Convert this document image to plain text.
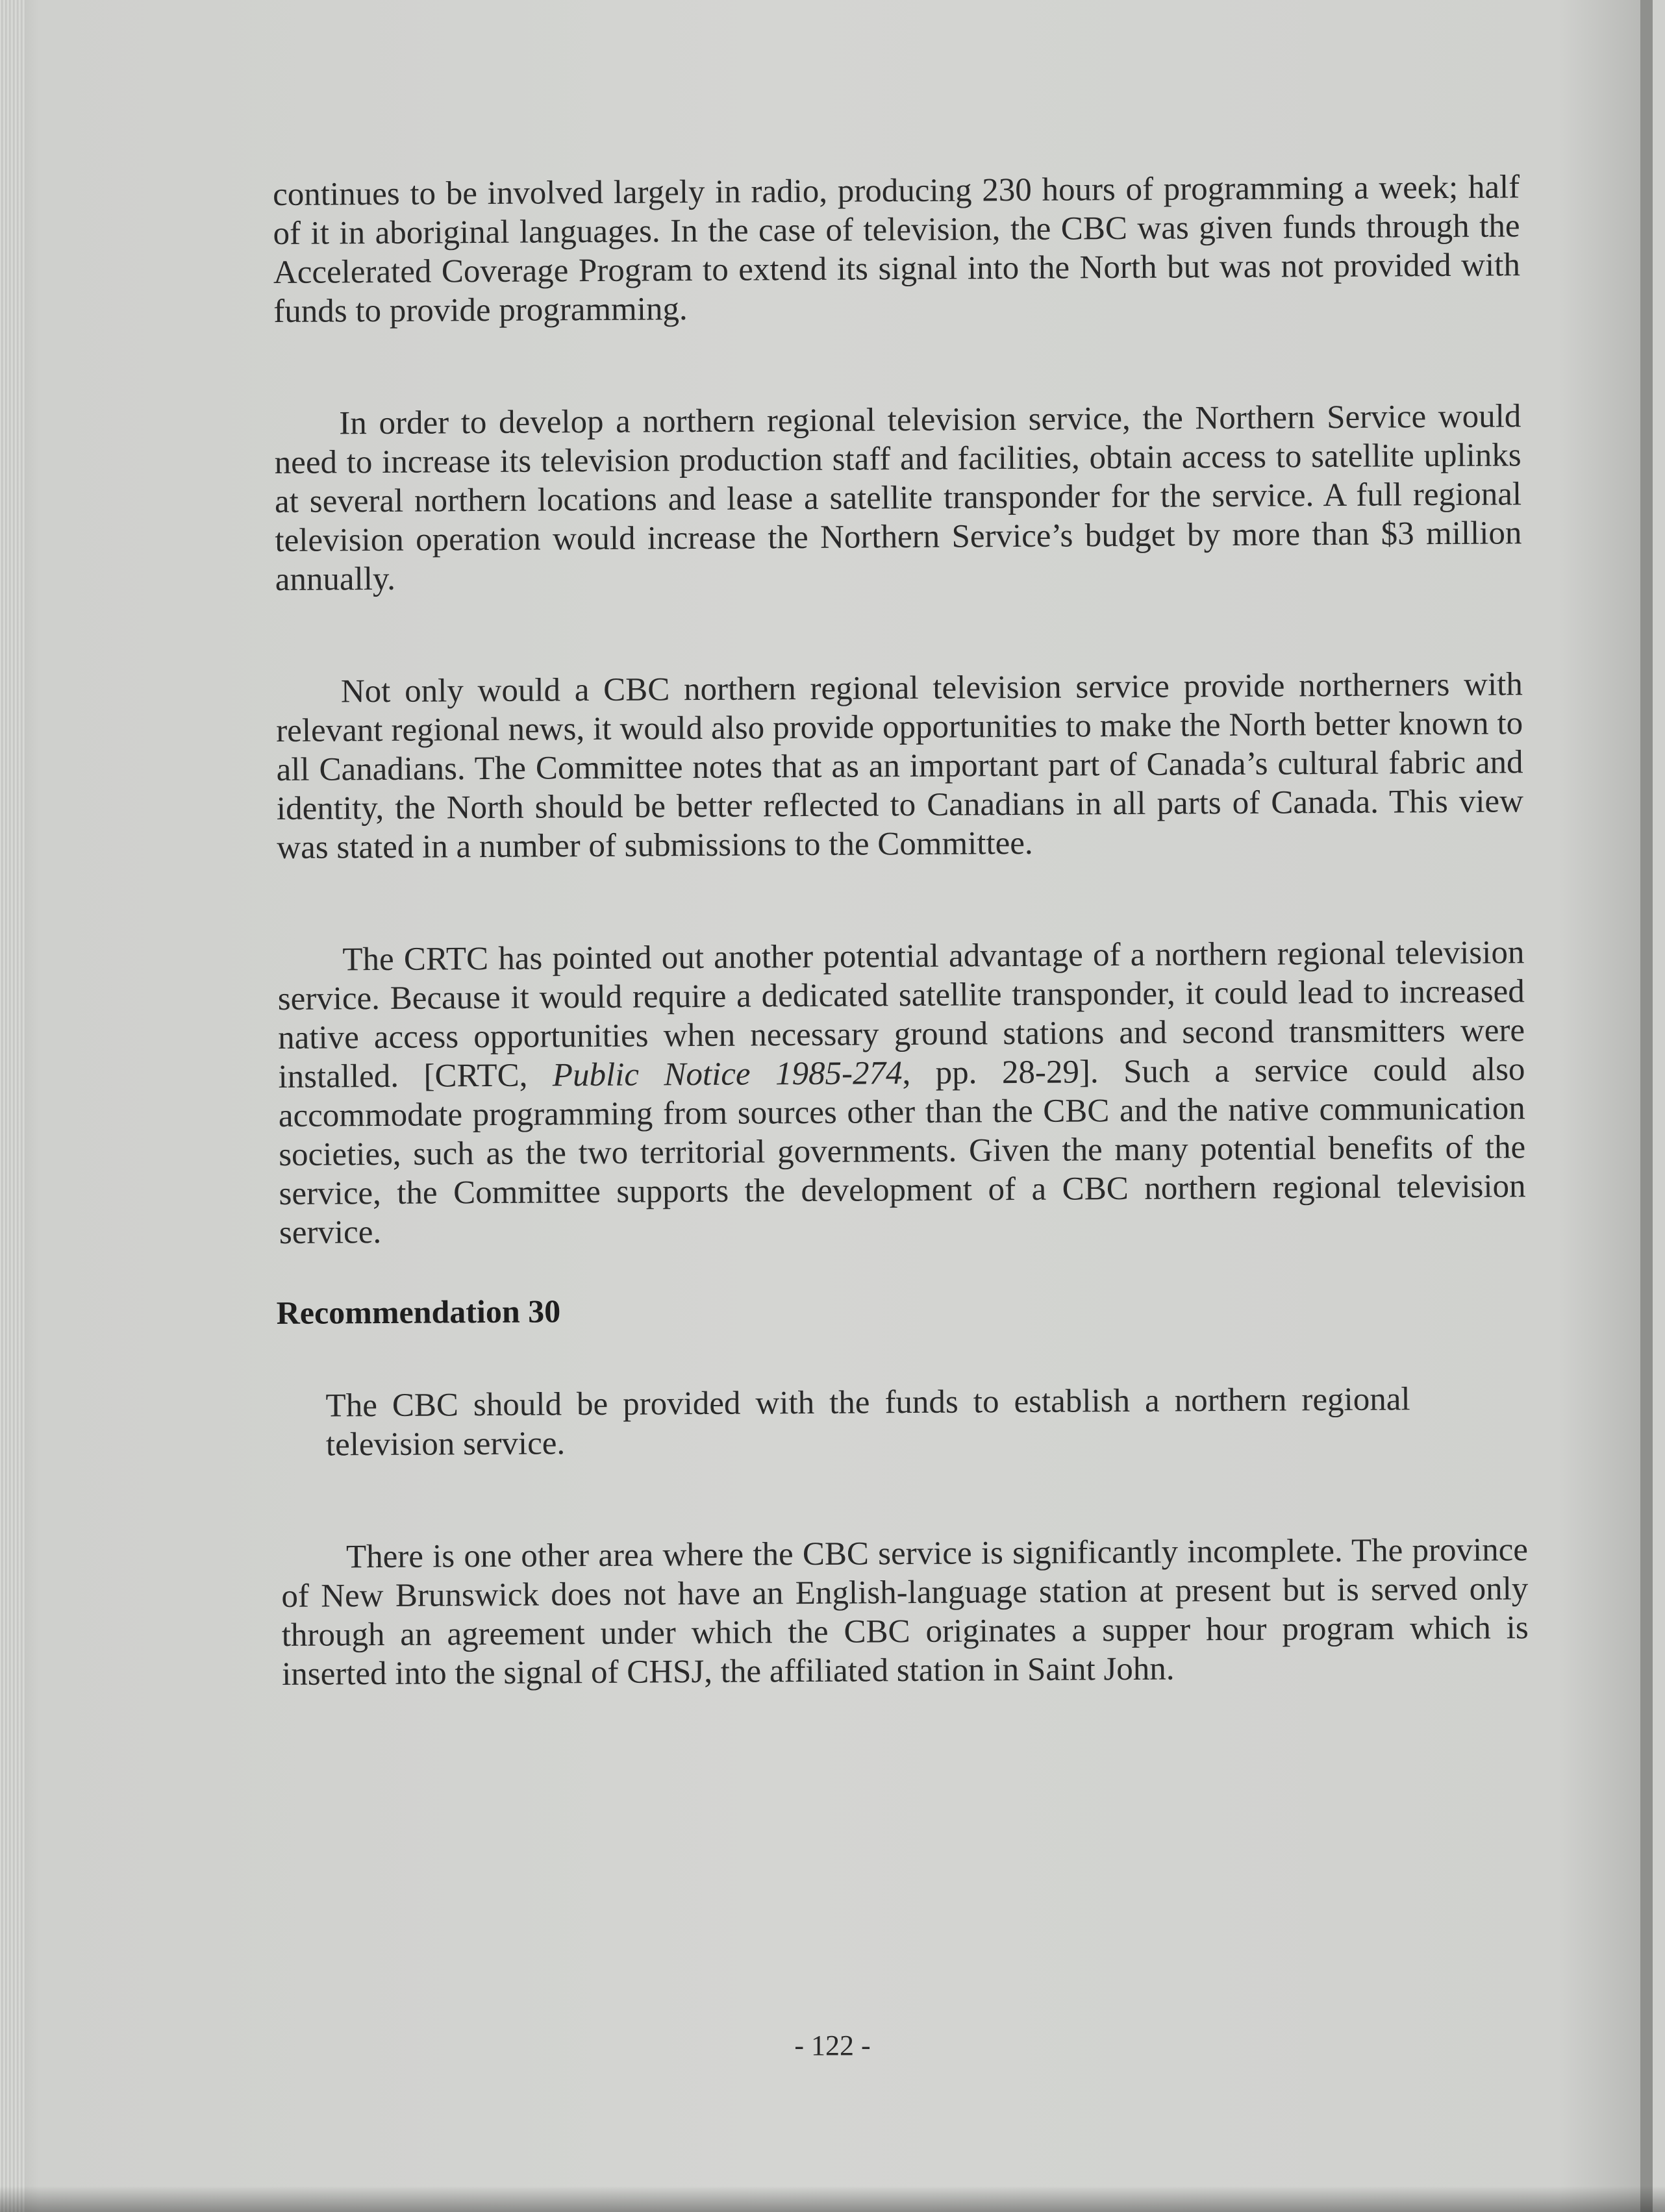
continues to be involved largely in radio, producing 230 hours of programming a week; half of it in aboriginal languages. In the case of television, the CBC was given funds through the Accelerated Coverage Program to extend its signal into the North but was not provided with funds to provide programming.

In order to develop a northern regional television service, the Northern Service would need to increase its television production staff and facilities, obtain access to satellite uplinks at several northern locations and lease a satellite transponder for the service. A full regional television operation would increase the Northern Service’s budget by more than $3 million annually.

Not only would a CBC northern regional television service provide northerners with relevant regional news, it would also provide opportunities to make the North better known to all Canadians. The Committee notes that as an important part of Canada’s cultural fabric and identity, the North should be better reflected to Canadians in all parts of Canada. This view was stated in a number of submissions to the Committee.

The CRTC has pointed out another potential advantage of a northern regional television service. Because it would require a dedicated satellite transponder, it could lead to increased native access opportunities when necessary ground stations and second transmitters were installed. [CRTC, Public Notice 1985-274, pp. 28-29]. Such a service could also accommodate programming from sources other than the CBC and the native communication societies, such as the two territorial governments. Given the many potential benefits of the service, the Committee supports the development of a CBC northern regional television service.

Recommendation 30

The CBC should be provided with the funds to establish a northern regional television service.

There is one other area where the CBC service is significantly incomplete. The province of New Brunswick does not have an English-language station at present but is served only through an agreement under which the CBC originates a supper hour program which is inserted into the signal of CHSJ, the affiliated station in Saint John.

- 122 -
